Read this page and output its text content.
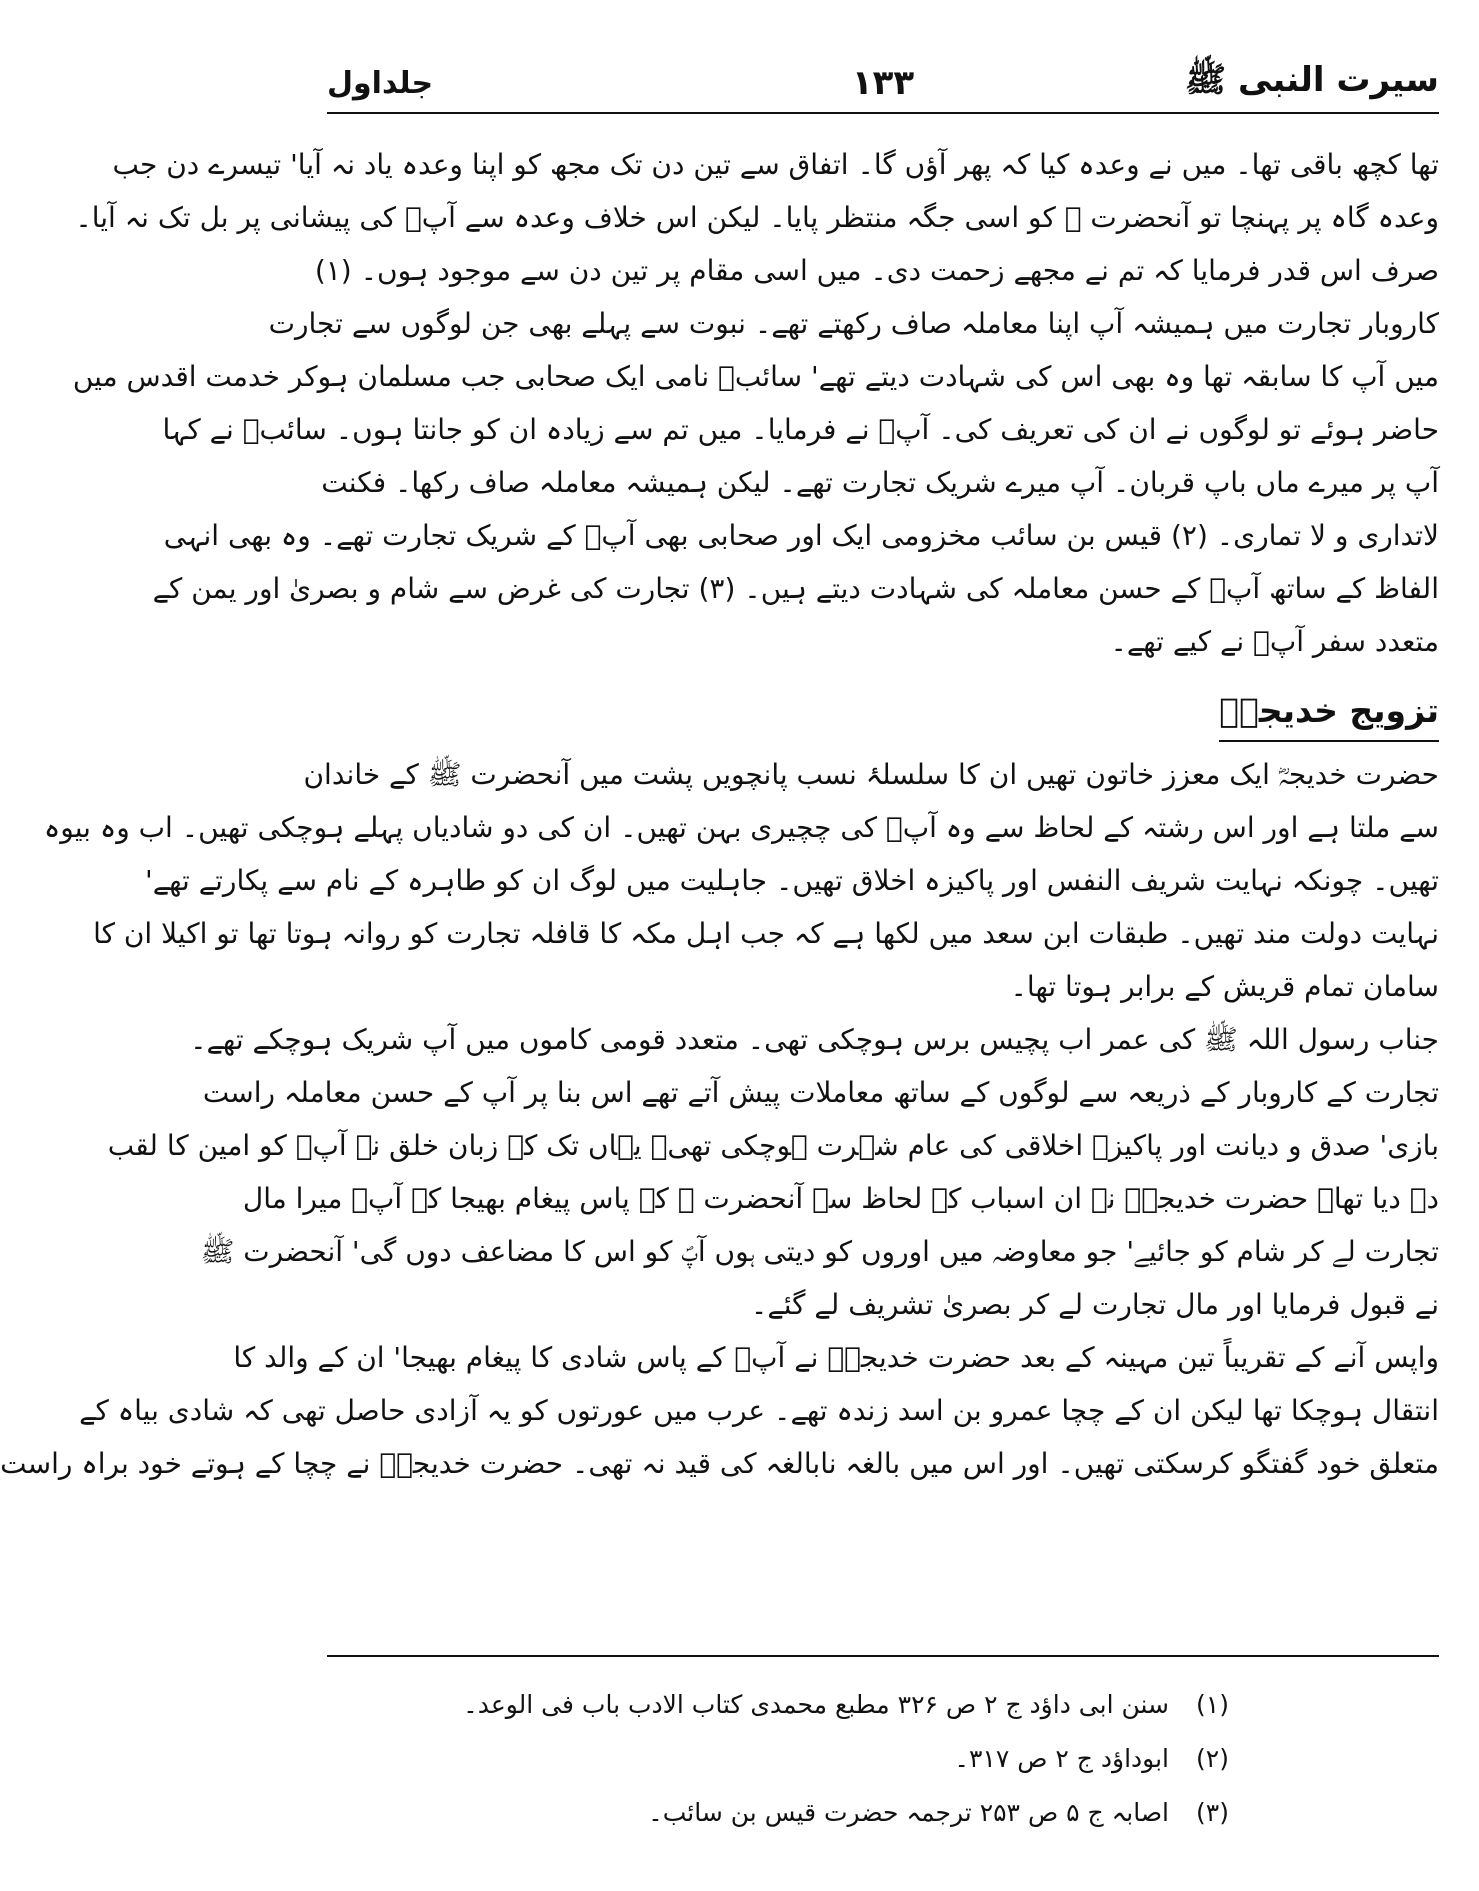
سیرت النبی ﷺ
۱۳۳
جلداول
تھا کچھ باقی تھا۔ میں نے وعدہ کیا کہ پھر آؤں گا۔ اتفاق سے تین دن تک مجھ کو اپنا وعدہ یاد نہ آیا' تیسرے دن جب
وعدہ گاہ پر پہنچا تو آنحضرت ﷺ کو اسی جگہ منتظر پایا۔ لیکن اس خلاف وعدہ سے آپؐ کی پیشانی پر بل تک نہ آیا۔
صرف اس قدر فرمایا کہ تم نے مجھے زحمت دی۔ میں اسی مقام پر تین دن سے موجود ہوں۔ (۱)
کاروبار تجارت میں ہمیشہ آپ اپنا معاملہ صاف رکھتے تھے۔ نبوت سے پہلے بھی جن لوگوں سے تجارت
میں آپ کا سابقہ تھا وہ بھی اس کی شہادت دیتے تھے' سائبؓ نامی ایک صحابی جب مسلمان ہوکر خدمت اقدس میں
حاضر ہوئے تو لوگوں نے ان کی تعریف کی۔ آپؐ نے فرمایا۔ میں تم سے زیادہ ان کو جانتا ہوں۔ سائبؓ نے کہا
آپ پر میرے ماں باپ قربان۔ آپ میرے شریک تجارت تھے۔ لیکن ہمیشہ معاملہ صاف رکھا۔ فکنت
لاتداری و لا تماری۔ (۲) قیس بن سائب مخزومی ایک اور صحابی بھی آپؐ کے شریک تجارت تھے۔ وہ بھی انہی
الفاظ کے ساتھ آپؐ کے حسن معاملہ کی شہادت دیتے ہیں۔ (۳) تجارت کی غرض سے شام و بصریٰ اور یمن کے
متعدد سفر آپؐ نے کیے تھے۔
تزویج خدیجہؓ
حضرت خدیجہؓ ایک معزز خاتون تھیں ان کا سلسلۂ نسب پانچویں پشت میں آنحضرت ﷺ کے خاندان
سے ملتا ہے اور اس رشتہ کے لحاظ سے وہ آپؐ کی چچیری بہن تھیں۔ ان کی دو شادیاں پہلے ہوچکی تھیں۔ اب وہ بیوہ
تھیں۔ چونکہ نہایت شریف النفس اور پاکیزہ اخلاق تھیں۔ جاہلیت میں لوگ ان کو طاہرہ کے نام سے پکارتے تھے'
نہایت دولت مند تھیں۔ طبقات ابن سعد میں لکھا ہے کہ جب اہل مکہ کا قافلہ تجارت کو روانہ ہوتا تھا تو اکیلا ان کا
سامان تمام قریش کے برابر ہوتا تھا۔
جناب رسول اللہ ﷺ کی عمر اب پچیس برس ہوچکی تھی۔ متعدد قومی کاموں میں آپ شریک ہوچکے تھے۔
تجارت کے کاروبار کے ذریعہ سے لوگوں کے ساتھ معاملات پیش آتے تھے اس بنا پر آپ کے حسن معاملہ راست
بازی' صدق و دیانت اور پاکیزہ اخلاقی کی عام شہرت ہوچکی تھی۔ یہاں تک کہ زبان خلق نے آپؐ کو امین کا لقب
دے دیا تھا۔ حضرت خدیجہؓ نے ان اسباب کے لحاظ سے آنحضرت ﷺ کے پاس پیغام بھیجا کہ آپؐ میرا مال
تجارت لے کر شام کو جائیے' جو معاوضہ میں اوروں کو دیتی ہوں آپؐ کو اس کا مضاعف دوں گی' آنحضرت ﷺ
نے قبول فرمایا اور مال تجارت لے کر بصریٰ تشریف لے گئے۔
واپس آنے کے تقریباً تین مہینہ کے بعد حضرت خدیجہؓ نے آپؐ کے پاس شادی کا پیغام بھیجا' ان کے والد کا
انتقال ہوچکا تھا لیکن ان کے چچا عمرو بن اسد زندہ تھے۔ عرب میں عورتوں کو یہ آزادی حاصل تھی کہ شادی بیاہ کے
متعلق خود گفتگو کرسکتی تھیں۔ اور اس میں بالغہ نابالغہ کی قید نہ تھی۔ حضرت خدیجہؓ نے چچا کے ہوتے خود براہ راست
(۱)
سنن ابی داؤد ج ۲ ص ۳۲۶ مطبع محمدی کتاب الادب باب فی الوعد۔
(۲)
ابوداؤد ج ۲ ص ۳۱۷۔
(۳)
اصابہ ج ۵ ص ۲۵۳ ترجمہ حضرت قیس بن سائب۔
